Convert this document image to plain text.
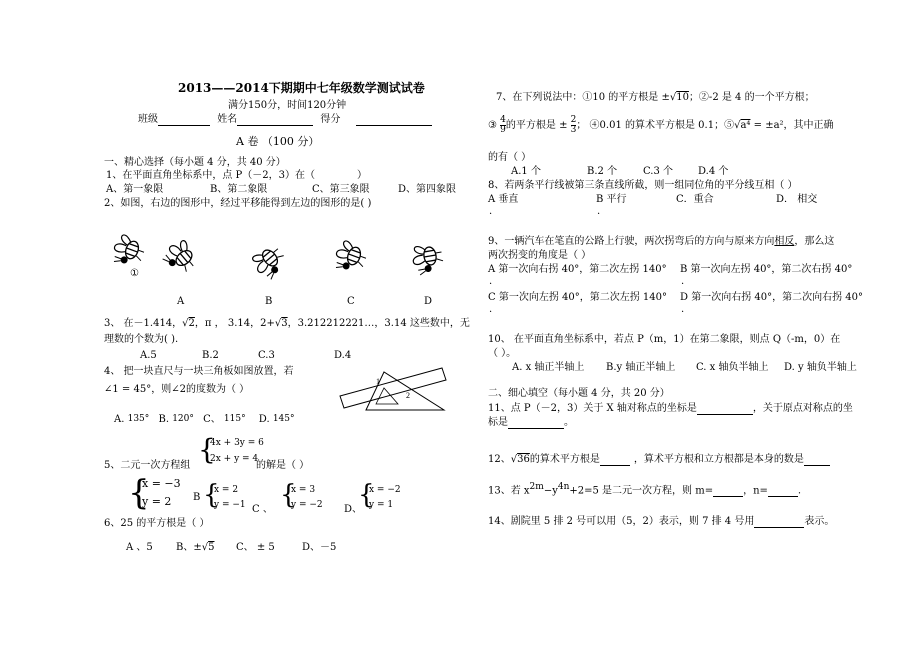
2013——2014下期期中七年级数学测试试卷
满分150分，时间120分钟
班级	姓名	得分
A 卷 （100 分）
一、精心选择（每小题 4 分，共 40 分）
1、在平面直角坐标系中，点 P（－2，3）在（	）
A、第一象限	B、第二象限	C、第三象限	D、第四象限
2、如图，右边的图形中，经过平移能得到左边的图形的是( )
①
A	B	C	D
3、 在－1.414，√2，π ， 3.14，2+√3，3.212212221…，3.14 这些数中，无
理数的个数为( ).
A.5	B.2	C.3	D.4
4、 把一块直尺与一块三角板如图放置，若
∠1 = 45°，则∠2的度数为（ ）
1
2
A. 135° B. 120° C、 115° D. 145°
{
4x + 3y = 6
2x + y = 4
5、二元一次方程组	的解是（ ）
{
x = −3
y = 2 B {
x = 2
y = −1 C 、 {
x = 3
y = −2 D、
{
x = −2
y = 1
6、25 的平方根是（ ）
A 、5 B、±√5 C、 ± 5	D、－5
7、在下列说法中：①10 的平方根是 ±√10；②-2 是 4 的一个平方根；
③ $\frac{4}{9}$ 的平方根是 ± $\frac{2}{3}$ ； ④0.01 的算术平方根是 0.1；⑤√a⁴ = ±a²，其中正确
的有（ ）
A.1 个	B.2 个	C.3 个 D.4 个
8、若两条平行线被第三条直线所截，则一组同位角的平分线互相（ ）
A 垂直	B 平行	C．重合	D． 相交
.	.
9、一辆汽车在笔直的公路上行驶，两次拐弯后的方向与原来方向相反，那么这
两次拐变的角度是（ ）
A 第一次向右拐 40°，第二次左拐 140° B 第一次向左拐 40°，第二次右拐 40°
.	.
C 第一次向左拐 40°，第二次左拐 140° D 第一次向右拐 40°，第二次向右拐 40°
.	.
10、 在平面直角坐标系中，若点 P（m，1）在第二象限，则点 Q（-m，0）在
（ ）。
A. x 轴正半轴上 B.y 轴正半轴上 C. x 轴负半轴上 D. y 轴负半轴上
二、细心填空（每小题 4 分，共 20 分）
11、点 P（－2，3）关于 X 轴对称点的坐标是	，关于原点对称点的坐
标是	。
12、√36的算术平方根是	，算术平方根和立方根都是本身的数是
13、若 $x^{2m}-y^{4n}+2=5$ 是二元一次方程，则 m=	，n=	.
14、剧院里 5 排 2 号可以用（5，2）表示，则 7 排 4 号用	表示。
